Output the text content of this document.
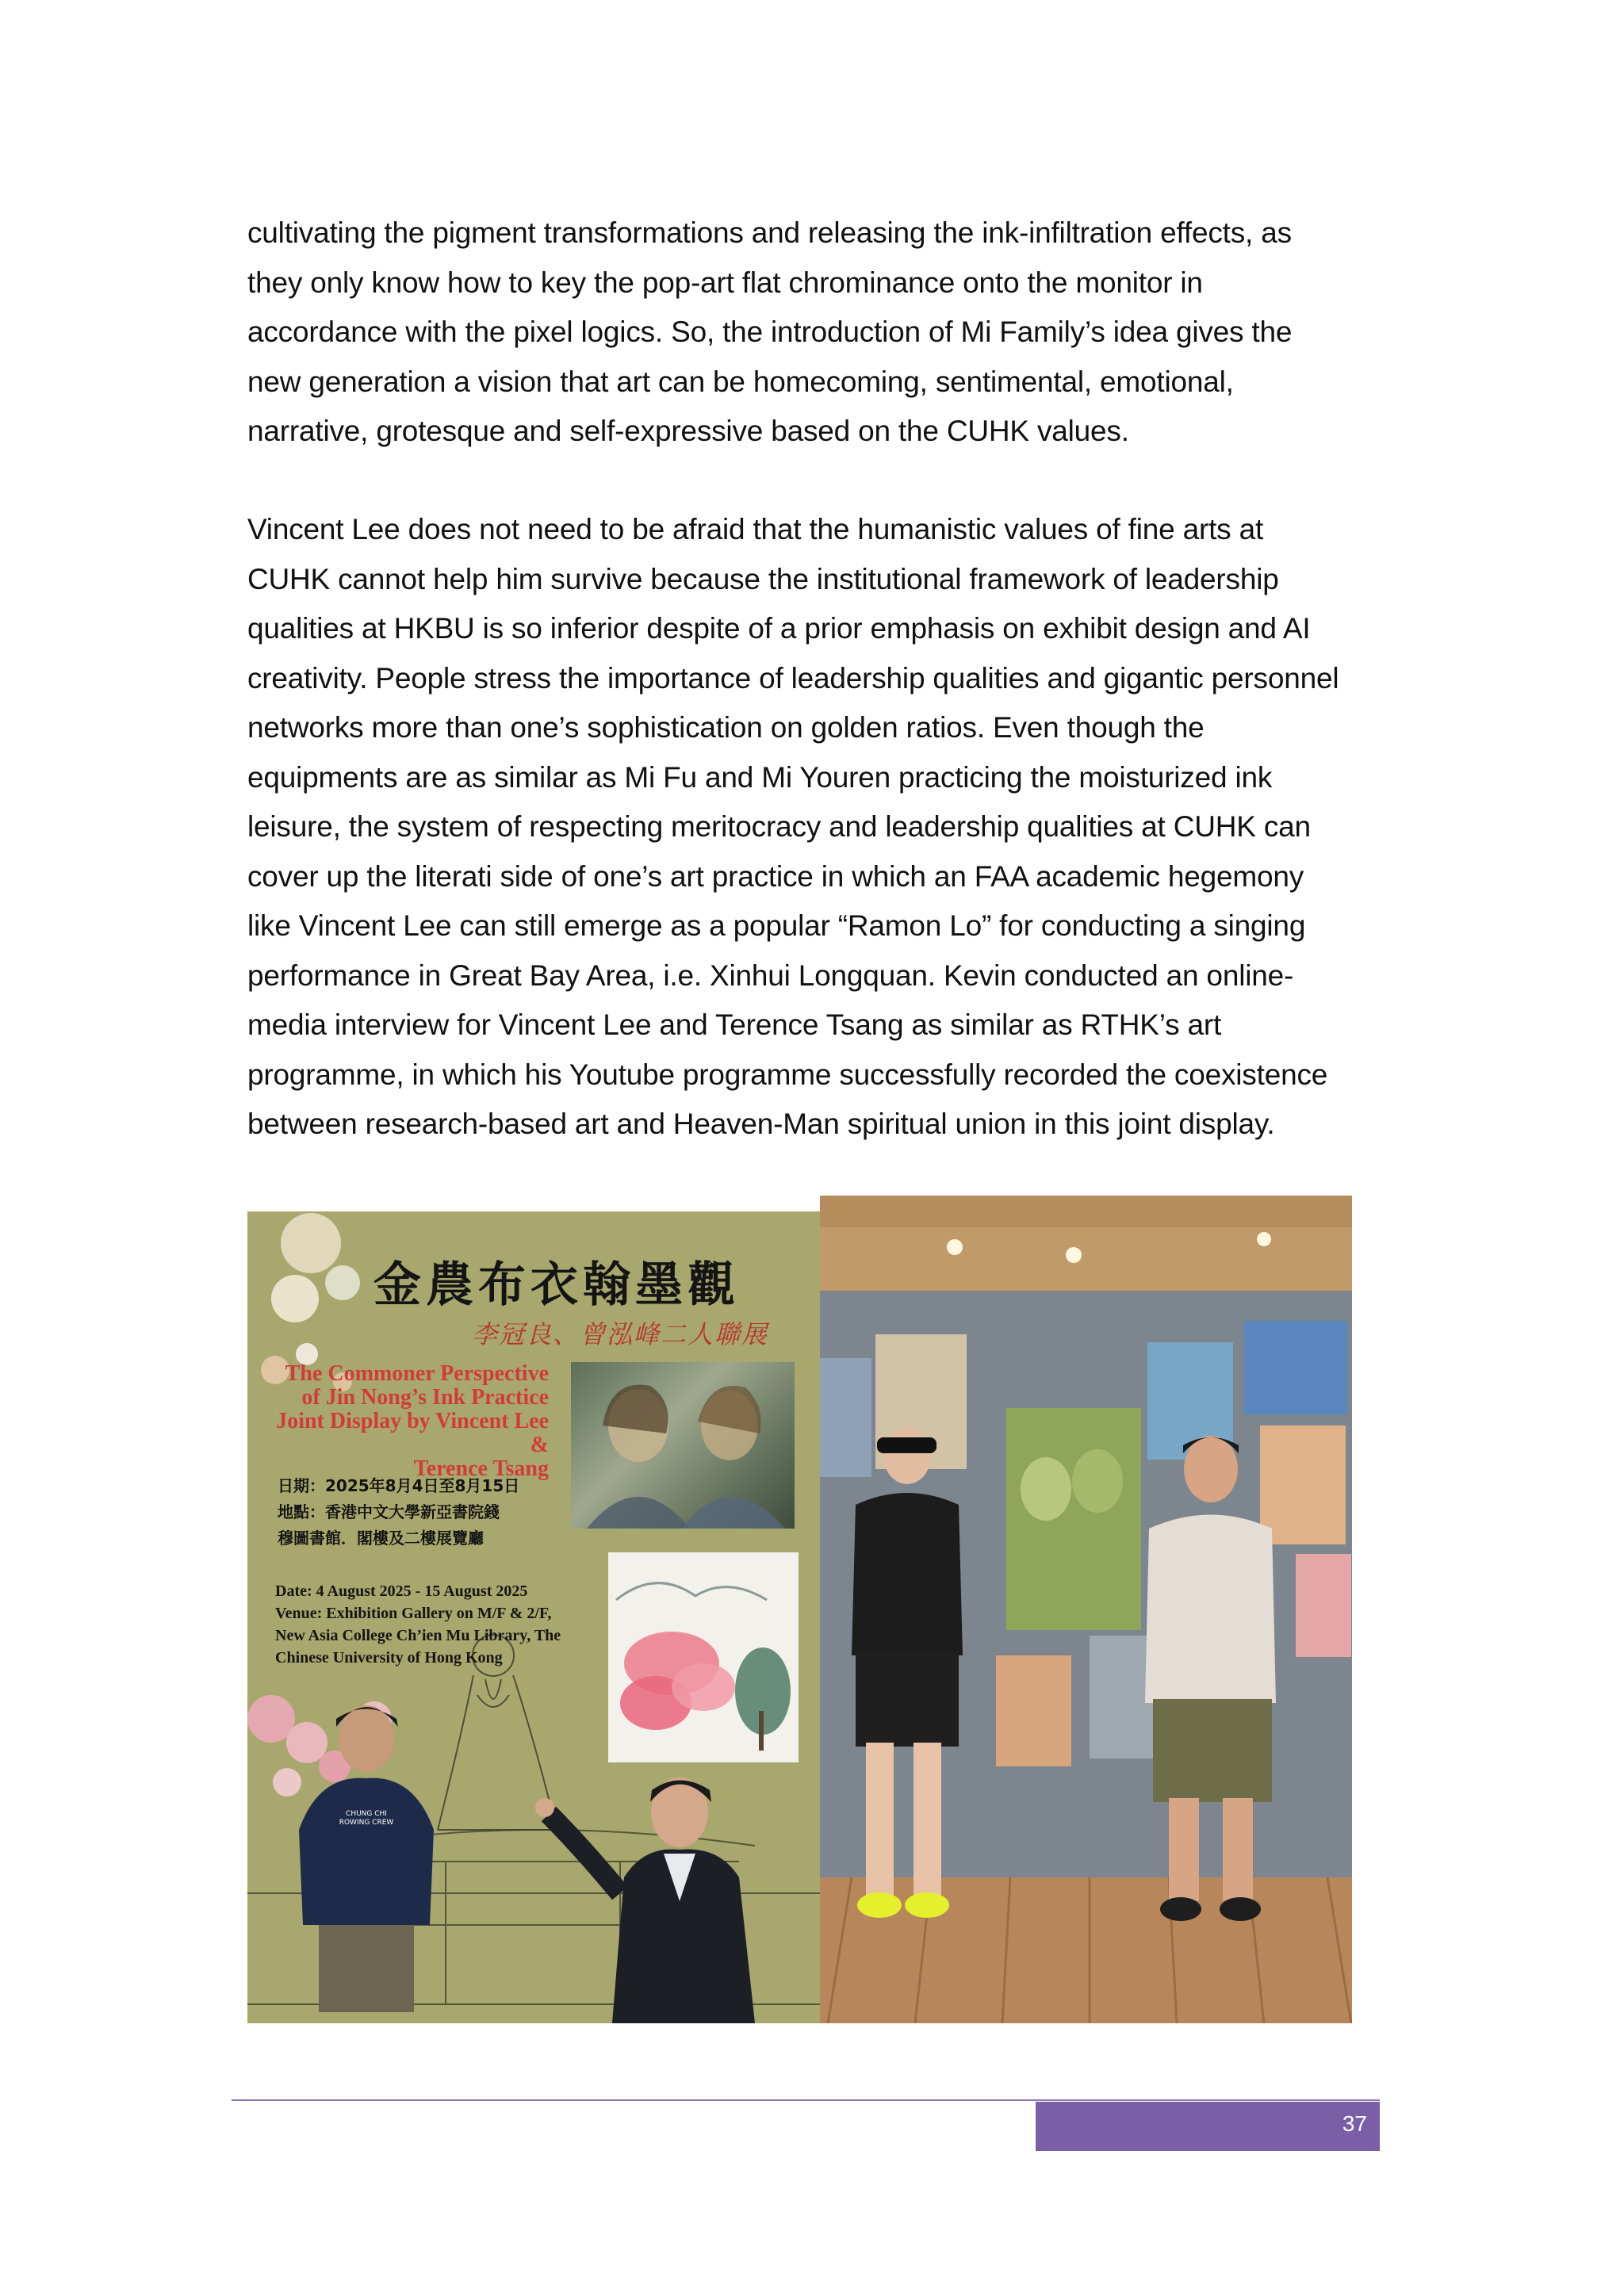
cultivating the pigment transformations and releasing the ink-infiltration effects, as

they only know how to key the pop-art flat chrominance onto the monitor in

accordance with the pixel logics. So, the introduction of Mi Family’s idea gives the

new generation a vision that art can be homecoming, sentimental, emotional,

narrative, grotesque and self-expressive based on the CUHK values.

Vincent Lee does not need to be afraid that the humanistic values of fine arts at

CUHK cannot help him survive because the institutional framework of leadership

qualities at HKBU is so inferior despite of a prior emphasis on exhibit design and AI

creativity. People stress the importance of leadership qualities and gigantic personnel

networks more than one’s sophistication on golden ratios. Even though the

equipments are as similar as Mi Fu and Mi Youren practicing the moisturized ink

leisure, the system of respecting meritocracy and leadership qualities at CUHK can

cover up the literati side of one’s art practice in which an FAA academic hegemony

like Vincent Lee can still emerge as a popular “Ramon Lo” for conducting a singing

performance in Great Bay Area, i.e. Xinhui Longquan. Kevin conducted an online-

media interview for Vincent Lee and Terence Tsang as similar as RTHK’s art

programme, in which his Youtube programme successfully recorded the coexistence

between research-based art and Heaven-Man spiritual union in this joint display.

金農布衣翰墨觀
李冠良、曾泓峰二人聯展
The Commoner Perspective
of Jin Nong’s Ink Practice
Joint Display by Vincent Lee &
Terence Tsang
日期：2025年8月4日至8月15日
地點：香港中文大學新亞書院錢
穆圖書館．閣樓及二樓展覽廳
Date: 4 August 2025 - 15 August 2025
Venue: Exhibition Gallery on M/F & 2/F,
New Asia College Ch’ien Mu Library, The
Chinese University of Hong Kong
CHUNG CHI ROWING CREW
37
